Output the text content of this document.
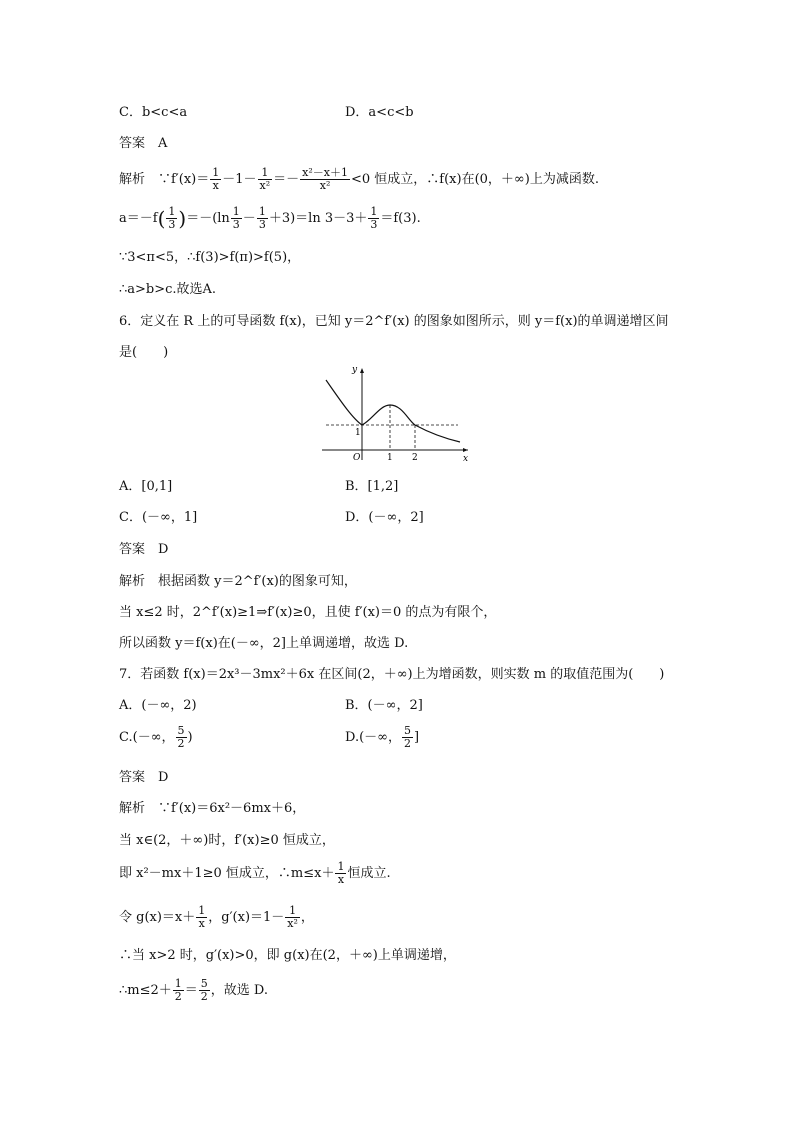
C．b<c<a	D．a<c<b
答案　A
解析　∵f′(x)＝ $\frac{1}{x} -1- \frac{1}{\text{x²}} =- \frac{\text{x²－x＋1}}{\text{x²}} <0$ 恒成立，∴f(x)在(0，＋∞)上为减函数.
$a=-f( \frac{1}{3} )=-(\ln \frac{1}{3} - \frac{1}{3} +3)=\ln$ $3-3+ \frac{1}{3} =f(3)$.
∵3<π<5，∴f(3)>f(π)>f(5)，
∴a>b>c.故选A.
6．定义在 R 上的可导函数 f(x)，已知 y＝2^f′(x) 的图象如图所示，则 y＝f(x)的单调递增区间
是(　　)
y
x
O
1
1 2
A．[0,1]	B．[1,2]
C．(－∞，1]	D．(－∞，2]
答案　D
解析　根据函数 y＝2^f′(x)的图象可知，
当 x≤2 时，2^f′(x)≥1⇒f′(x)≥0，且使 f′(x)＝0 的点为有限个，
所以函数 y＝f(x)在(－∞，2]上单调递增，故选 D.
7．若函数 f(x)＝2x³－3mx²＋6x 在区间(2，＋∞)上为增函数，则实数 m 的取值范围为(　　)
A．(－∞，2)	B．(－∞，2]
C.(－∞， $\frac{5}{2}$ )	D.(－∞， $\frac{5}{2}$ ]
答案　D
解析　∵f′(x)＝6x²－6mx＋6，
当 x∈(2，＋∞)时，f′(x)≥0 恒成立，
即 x²－mx＋1≥0 恒成立，∴m≤x＋ $\frac{1}{x}$ 恒成立.
令 $g(x)=x+ \frac{1}{x}$ ，$g'(x)=1- \frac{1}{\text{x²}}$ ，
∴当 x>2 时，g′(x)>0，即 g(x)在(2，＋∞)上单调递增，
∴m≤2＋ $\frac{1}{2} = \frac{5}{2}$ ，故选 D.
